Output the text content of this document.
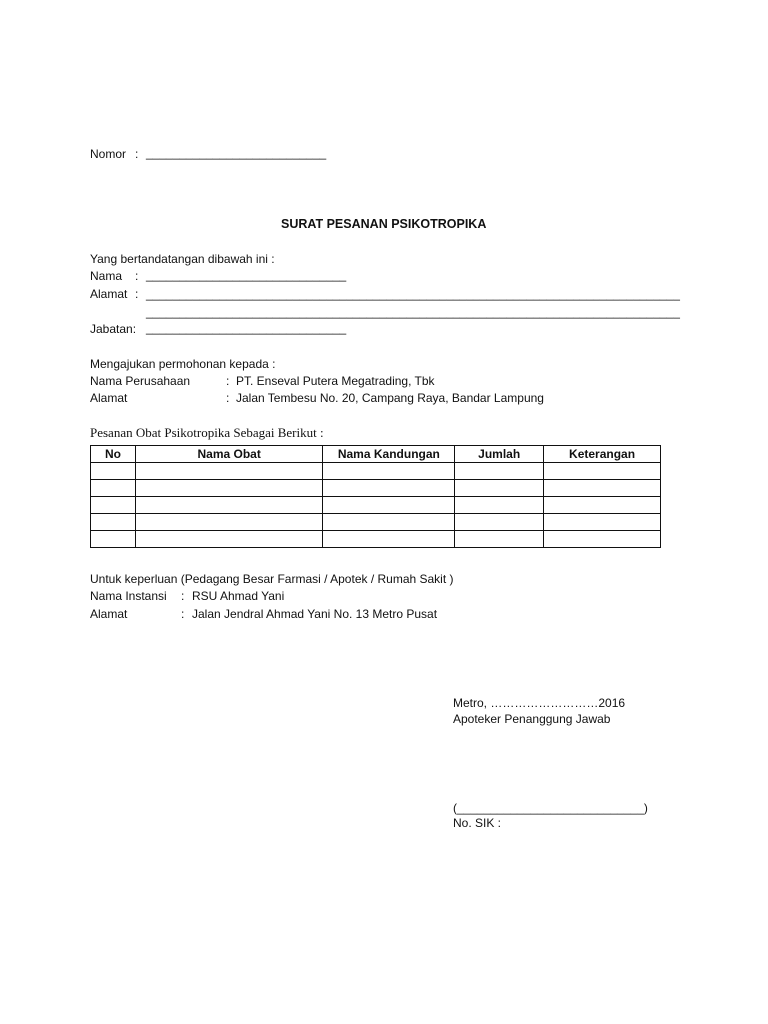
Nomor : ___________________________
SURAT PESANAN PSIKOTROPIKA
Yang bertandatangan dibawah ini :
Nama : ______________________________
Alamat : ________________________________________________________________________________
________________________________________________________________________________
Jabatan: ______________________________
Mengajukan permohonan kepada :
Nama Perusahaan	: PT. Enseval Putera Megatrading, Tbk
Alamat	: Jalan Tembesu No. 20, Campang Raya, Bandar Lampung
Pesanan Obat Psikotropika Sebagai Berikut :
No	Nama Obat	Nama Kandungan	Jumlah	Keterangan

Untuk keperluan (Pedagang Besar Farmasi / Apotek / Rumah Sakit )
Nama Instansi : RSU Ahmad Yani
Alamat	: Jalan Jendral Ahmad Yani No. 13 Metro Pusat
Metro, ………………………2016
Apoteker Penanggung Jawab
(____________________________)
No. SIK :
